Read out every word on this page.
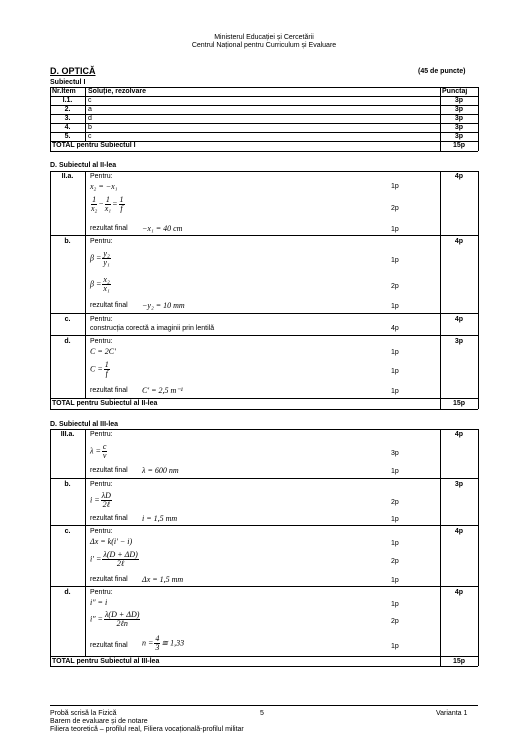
Ministerul Educației și Cercetării
Centrul Național pentru Curriculum și Evaluare
D. OPTICĂ	(45 de puncte)
Subiectul I
Nr.Item Soluție, rezolvare	Punctaj
I.1.	c	3p
2.	a	3p
3.	d	3p
4.	b	3p
5.	c	3p
TOTAL pentru Subiectul I	15p
D. Subiectul al II-lea
II.a.	Pentru:	4p
x₂ = −x₁	1p
$\frac{1}{\text{x₂}} - \frac{1}{\text{x₁}} = \frac{1}{f}$	2p
rezultat final −x₁ = 40 cm	1p
b.	Pentru:	4p
$\beta = \frac{\text{y₂}}{\text{y₁}}$	1p
$\beta = \frac{\text{x₂}}{\text{x₁}}$	2p
rezultat final −y₂ = 10 mm	1p
c.	Pentru:	4p
construcția corectă a imaginii prin lentilă	4p
d.	Pentru:	3p
C = 2C′	1p
$C = \frac{1}{f}$	1p
rezultat final C′ = 2,5 m⁻¹	1p
TOTAL pentru Subiectul al II-lea	15p
D. Subiectul al III-lea
III.a.	Pentru:	4p
$\lambda = \frac{c}{\nu}$	3p
rezultat final λ = 600 nm	1p
b.	Pentru:	3p
$i = \frac{\lambda D}{\text{2ℓ}}$	2p
rezultat final i = 1,5 mm	1p
c.	Pentru:	4p
Δx = k(i′ − i)	1p
$i' = \frac{\lambda(D + \Delta D)}{\text{2ℓ}}$	2p
rezultat final Δx = 1,5 mm	1p
d.	Pentru:	4p
i″ = i	1p
$i'' = \frac{\lambda(D + \Delta D)}{\text{2ℓn}}$	2p
rezultat final $n = \frac{4}{3}$ ≅ 1,33	1p
TOTAL pentru Subiectul al III-lea	15p
Probă scrisă la Fizică	5	Varianta 1
Barem de evaluare și de notare
Filiera teoretică – profilul real, Filiera vocațională-profilul militar
